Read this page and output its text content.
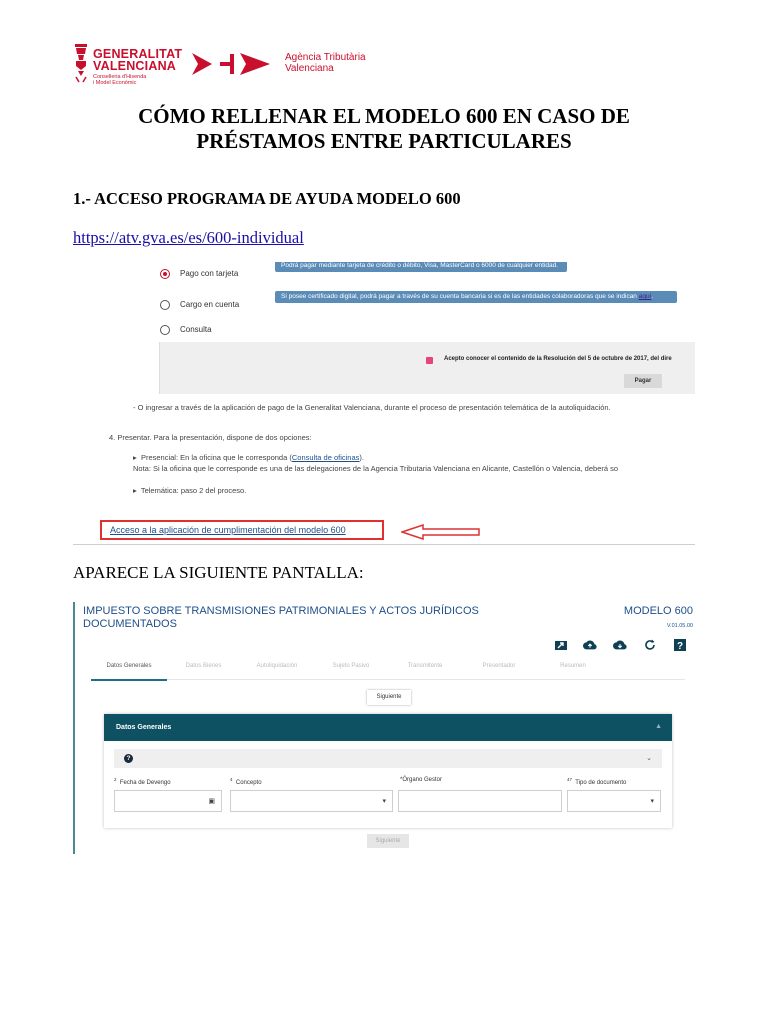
GENERALITAT
VALENCIANA
Conselleria d'Hisenda
i Model Econòmic
Agència Tributària
Valenciana
CÓMO RELLENAR EL MODELO 600 EN CASO DE
PRÉSTAMOS ENTRE PARTICULARES
1.- ACCESO PROGRAMA DE AYUDA MODELO 600
https://atv.gva.es/es/600-individual
Pago con tarjeta
Cargo en cuenta
Consulta
Podrá pagar mediante tarjeta de crédito o débito, Visa, MasterCard o 6000 de cualquier entidad.
Si posee certificado digital, podrá pagar a través de su cuenta bancaria si es de las entidades colaboradoras que se indican aquí.
Acepto conocer el contenido de la Resolución del 5 de octubre de 2017, del dire
Pagar
- O ingresar a través de la aplicación de pago de la Generalitat Valenciana, durante el proceso de presentación telemática de la autoliquidación.
4. Presentar. Para la presentación, dispone de dos opciones:
▸ Presencial: En la oficina que le corresponda (Consulta de oficinas).
Nota: Si la oficina que le corresponde es una de las delegaciones de la Agencia Tributaria Valenciana en Alicante, Castellón o Valencia, deberá so
▸ Telemática: paso 2 del proceso.
Acceso a la aplicación de cumplimentación del modelo 600
APARECE LA SIGUIENTE PANTALLA:
IMPUESTO SOBRE TRANSMISIONES PATRIMONIALES Y ACTOS JURÍDICOS
DOCUMENTADOS
MODELO 600
V.01.05.00
?
Datos Generales	Datos Bienes	Autoliquidación	Sujeto Pasivo	Transmitente	Presentador	Resumen
Siguiente
Datos Generales	▲
?	⌄
$^2$  Fecha de Devengo
▣
$^4$  Concepto
▾
*Órgano Gestor	$^{47}$  Tipo de documento
▾
Siguiente
